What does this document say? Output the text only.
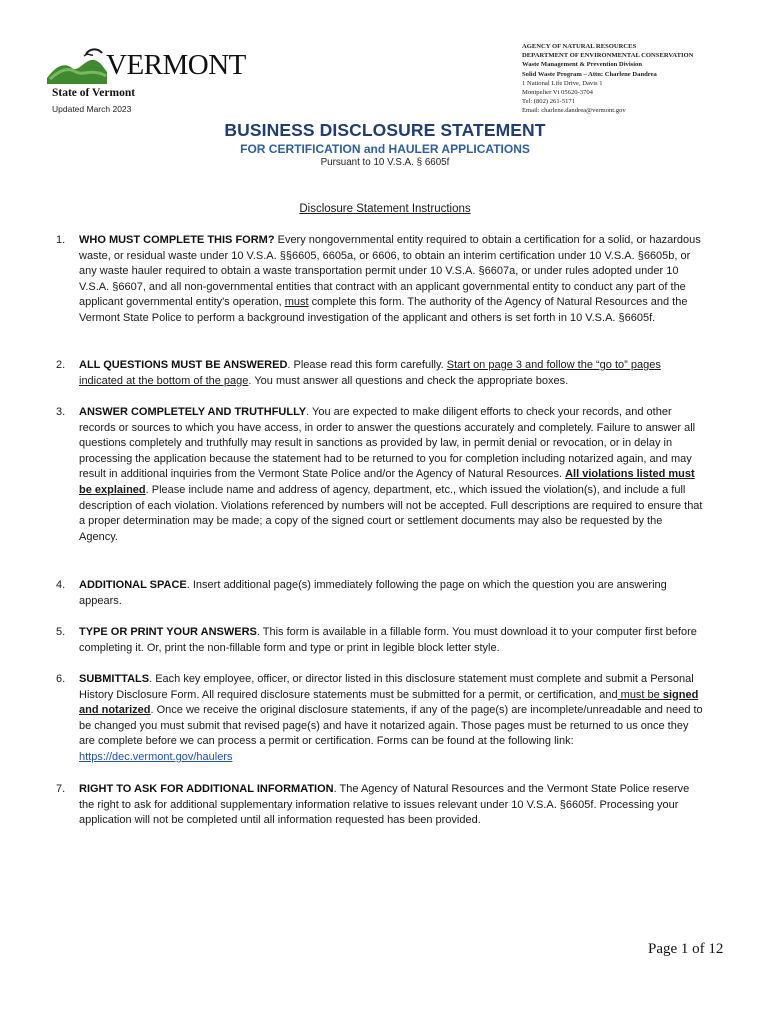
VERMONT
State of Vermont
Updated March 2023
AGENCY OF NATURAL RESOURCES
DEPARTMENT OF ENVIRONMENTAL CONSERVATION
Waste Management & Prevention Division
Solid Waste Program – Attn: Charlene Dandrea
1 National Life Drive, Davis 1
Montpelier Vt 05620-3704
Tel: (802) 261-5171
Email: charlene.dandrea@vermont.gov
BUSINESS DISCLOSURE STATEMENT
FOR CERTIFICATION and HAULER APPLICATIONS
Pursuant to 10 V.S.A. § 6605f
Disclosure Statement Instructions
1. WHO MUST COMPLETE THIS FORM? Every nongovernmental entity required to obtain a certification for a solid, or hazardous waste, or residual waste under 10 V.S.A. §§6605, 6605a, or 6606, to obtain an interim certification under 10 V.S.A. §6605b, or any waste hauler required to obtain a waste transportation permit under 10 V.S.A. §6607a, or under rules adopted under 10 V.S.A. §6607, and all non-governmental entities that contract with an applicant governmental entity to conduct any part of the applicant governmental entity's operation, must complete this form. The authority of the Agency of Natural Resources and the Vermont State Police to perform a background investigation of the applicant and others is set forth in 10 V.S.A. §6605f.
2. ALL QUESTIONS MUST BE ANSWERED. Please read this form carefully. Start on page 3 and follow the “go to” pages indicated at the bottom of the page. You must answer all questions and check the appropriate boxes.
3. ANSWER COMPLETELY AND TRUTHFULLY. You are expected to make diligent efforts to check your records, and other records or sources to which you have access, in order to answer the questions accurately and completely. Failure to answer all questions completely and truthfully may result in sanctions as provided by law, in permit denial or revocation, or in delay in processing the application because the statement had to be returned to you for completion including notarized again, and may result in additional inquiries from the Vermont State Police and/or the Agency of Natural Resources. All violations listed must be explained. Please include name and address of agency, department, etc., which issued the violation(s), and include a full description of each violation. Violations referenced by numbers will not be accepted. Full descriptions are required to ensure that a proper determination may be made; a copy of the signed court or settlement documents may also be requested by the Agency.
4. ADDITIONAL SPACE. Insert additional page(s) immediately following the page on which the question you are answering appears.
5. TYPE OR PRINT YOUR ANSWERS. This form is available in a fillable form. You must download it to your computer first before completing it. Or, print the non-fillable form and type or print in legible block letter style.
6. SUBMITTALS. Each key employee, officer, or director listed in this disclosure statement must complete and submit a Personal History Disclosure Form. All required disclosure statements must be submitted for a permit, or certification, and must be signed and notarized. Once we receive the original disclosure statements, if any of the page(s) are incomplete/unreadable and need to be changed you must submit that revised page(s) and have it notarized again. Those pages must be returned to us once they are complete before we can process a permit or certification. Forms can be found at the following link: https://dec.vermont.gov/haulers
7. RIGHT TO ASK FOR ADDITIONAL INFORMATION. The Agency of Natural Resources and the Vermont State Police reserve the right to ask for additional supplementary information relative to issues relevant under 10 V.S.A. §6605f. Processing your application will not be completed until all information requested has been provided.
Page 1 of 12
